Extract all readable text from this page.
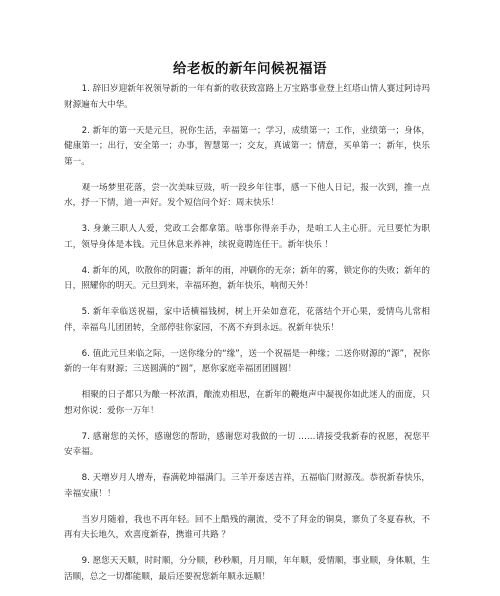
给老板的新年问候祝福语

1. 辞旧岁迎新年祝领导新的一年有新的收获致富路上万宝路事业登上红塔山情人赛过阿诗玛财源遍布大中华。

2. 新年的第一天是元旦，祝你生活，幸福第一；学习，成绩第一；工作，业绩第一；身体，健康第一；出行，安全第一；办事，智慧第一；交友，真诚第一；情意，买单第一；新年，快乐第一。

观一场梦里花落，尝一次美味豆豉，听一段乡年往事，感一下他人日记，报一次到，推一点水，抒一下情，道一声好。发个短信问个好：周末快乐！

3. 身兼三职人人爱，党政工会都拿第。啥事你得亲手办，是咱工人主心肝。元旦要忙为职工，领导身体是本钱。元旦休息来养神，续祝竟聘连任干。新年快乐 ！

4. 新年的风，吹散你的阴霾；新年的雨，冲刷你的无奈；新年的雾，锁定你的失败；新年的日，照耀你的明天。元旦到来，幸福环抱，新年快乐，响彻天外！

5. 新年幸临送祝福，家中话横福钱树，树上开朵如意花，花落结个开心果，爱情鸟儿常相伴，幸福鸟儿团团转，全部停驻你家园，不离不弃到永远。祝新年快乐！

6. 值此元旦来临之际，一送你缘分的“缘”，送一个祝福是一种缘；二送你财源的“源”，祝你新的一年有财源；三送圆满的“圆”，愿你家庭幸福团团圆圆！

相聚的日子都只为酿一杯浓酒，酿流劝相思，在新年的鞭炮声中凝视你如此迷人的面庞，只想对你说：爱你一万年！

7. 感谢您的关怀，感谢您的帮助，感谢您对我做的一切 ……请接受我新春的祝愿，祝您平安幸福。

8. 天增岁月人增寿，春满乾坤福满门。三羊开泰送吉祥，五福临门财源茂。恭祝新春快乐，幸福安康！！

当岁月随着，我也不再年轻。回不上酷残的潮流，受不了拜金的铜臭，寨负了冬夏春秋，不再有夫长地久，欢喜度新春，携谁可共路 ？

9. 愿您天天顺，时时顺，分分顺，秒秒顺，月月顺，年年顺，爱情顺，事业顺，身体顺，生活顺，总之一切都能顺，最后还要祝您新年顺永远顺！
